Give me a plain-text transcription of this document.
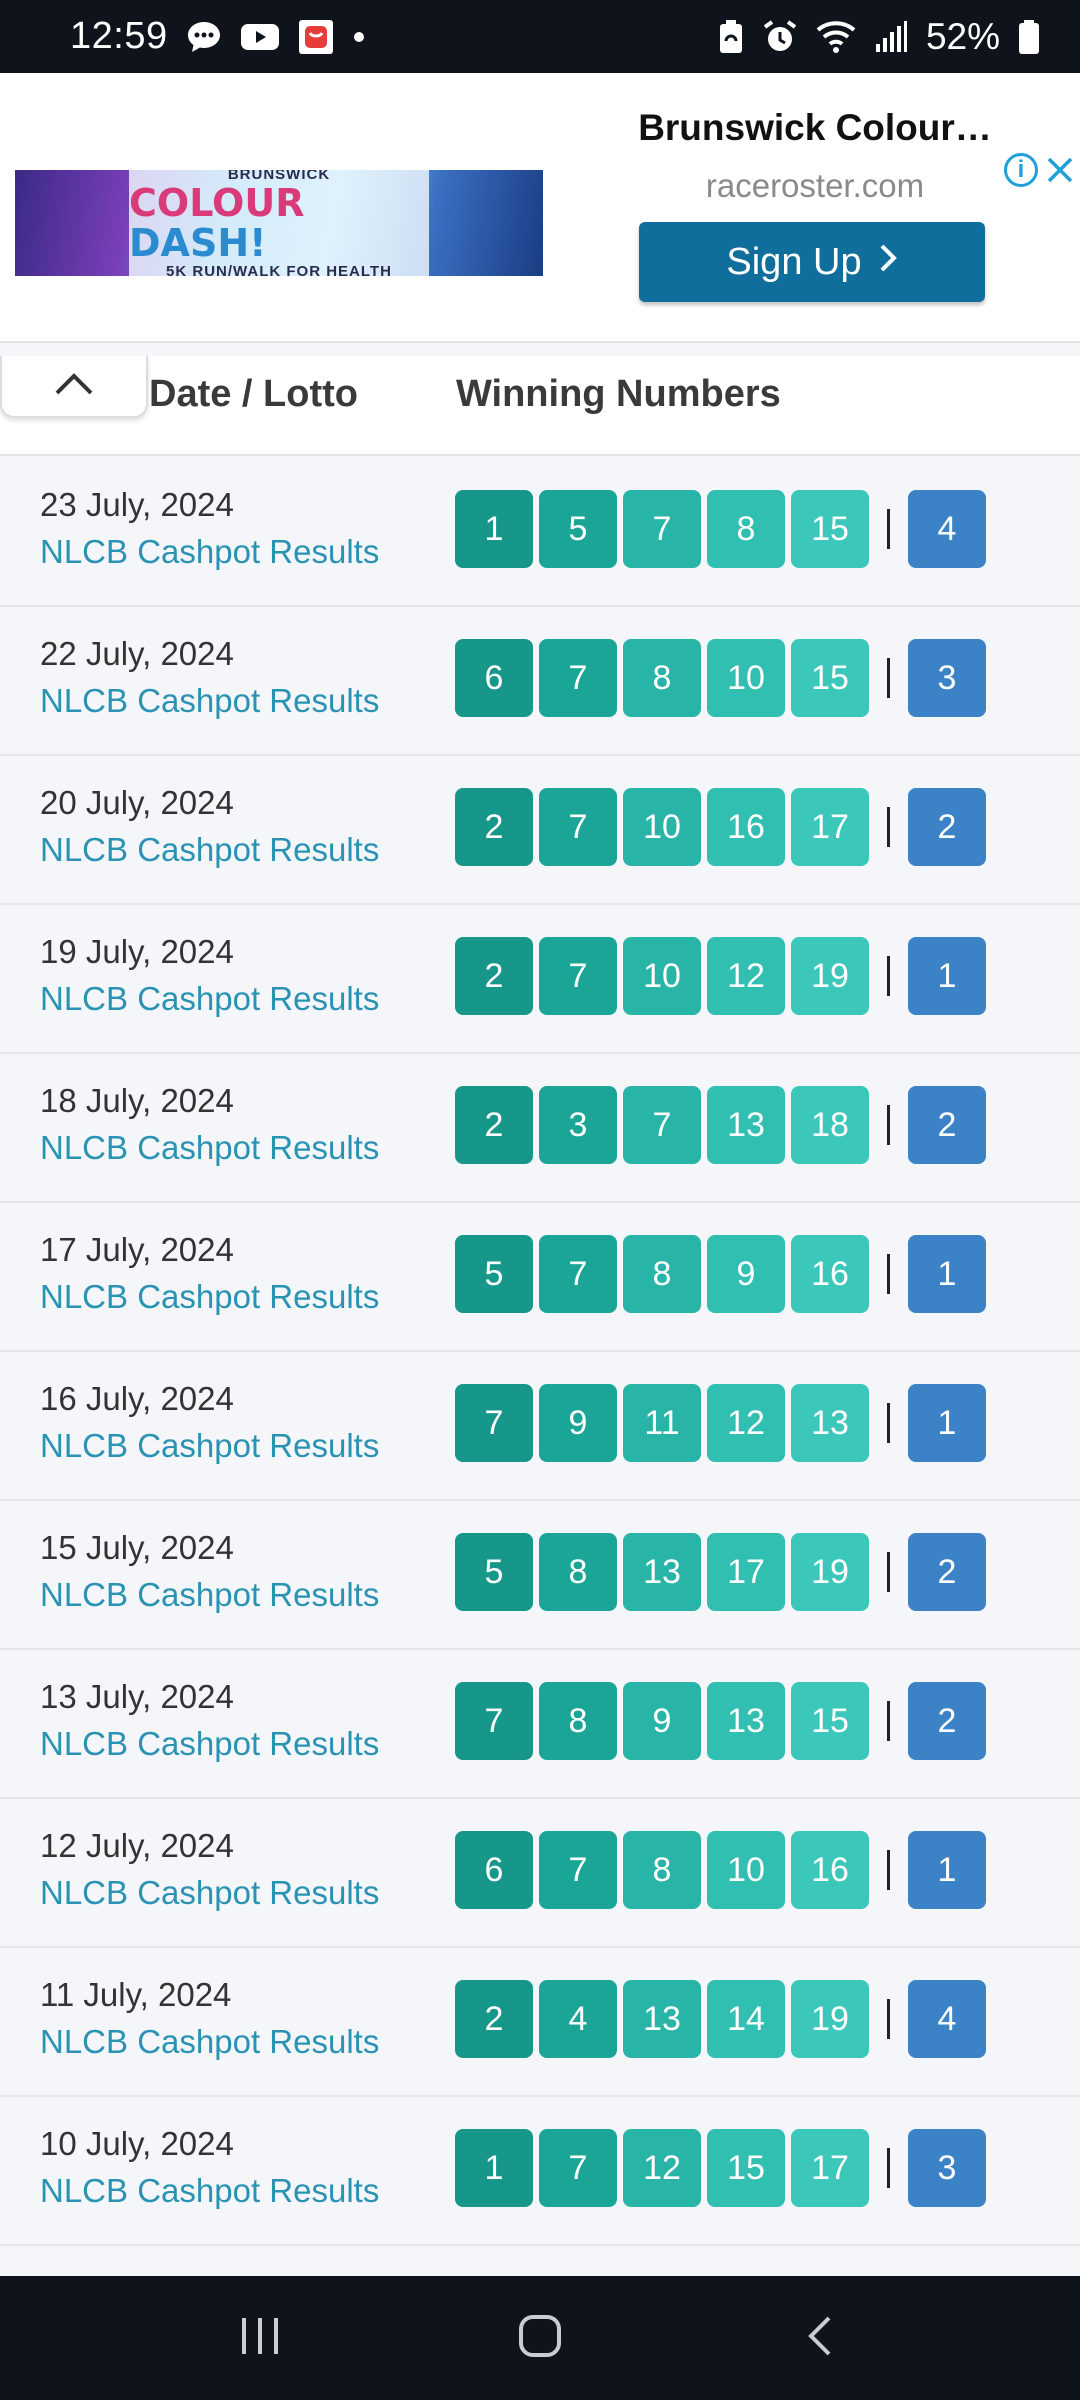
12:59	52%
BRUNSWICK
COLOUR DASH!
5K RUN/WALK FOR HEALTH
Brunswick Colour…
raceroster.com
Sign Up
i
Date / Lotto	Winning Numbers
23 July, 2024
NLCB Cashpot Results
1	5	7	8	15	4
22 July, 2024
NLCB Cashpot Results
6	7	8	10	15	3
20 July, 2024
NLCB Cashpot Results
2	7	10	16	17	2
19 July, 2024
NLCB Cashpot Results
2	7	10	12	19	1
18 July, 2024
NLCB Cashpot Results
2	3	7	13	18	2
17 July, 2024
NLCB Cashpot Results
5	7	8	9	16	1
16 July, 2024
NLCB Cashpot Results
7	9	11	12	13	1
15 July, 2024
NLCB Cashpot Results
5	8	13	17	19	2
13 July, 2024
NLCB Cashpot Results
7	8	9	13	15	2
12 July, 2024
NLCB Cashpot Results
6	7	8	10	16	1
11 July, 2024
NLCB Cashpot Results
2	4	13	14	19	4
10 July, 2024
NLCB Cashpot Results
1	7	12	15	17	3
